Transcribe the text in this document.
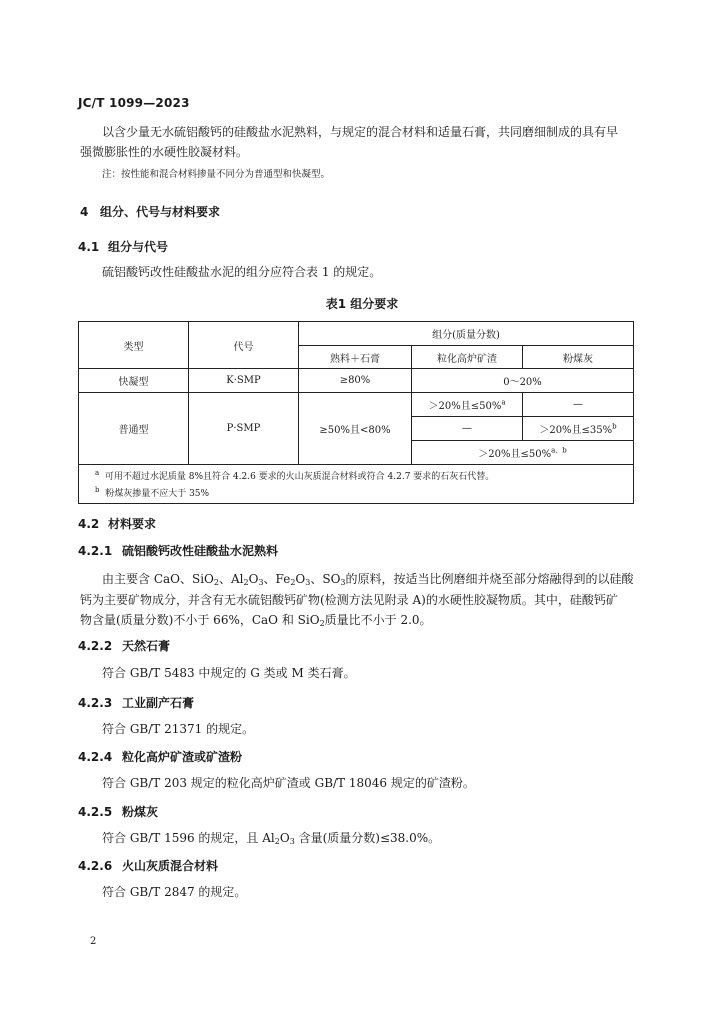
JC/T 1099—2023
以含少量无水硫铝酸钙的硅酸盐水泥熟料，与规定的混合材料和适量石膏，共同磨细制成的具有早
强微膨胀性的水硬性胶凝材料。
注：按性能和混合材料掺量不同分为普通型和快凝型。
4 组分、代号与材料要求
4.1 组分与代号
硫铝酸钙改性硅酸盐水泥的组分应符合表 1 的规定。
表1 组分要求
类型	代号	组分(质量分数)		
		熟料＋石膏	粒化高炉矿渣	粉煤灰
快凝型	K·SMP	≥80%	0～20%	
普通型	P·SMP	≥50%且<80%	＞20%且≤50%$^a$	—
			—	＞20%且≤35%$^b$
			＞20%且≤50%$^{a、b}$

$^a$ 可用不超过水泥质量 8%且符合 4.2.6 要求的火山灰质混合材料或符合 4.2.7 要求的石灰石代替。
$^b$ 粉煤灰掺量不应大于 35%				
4.2 材料要求
4.2.1 硫铝酸钙改性硅酸盐水泥熟料
由主要含 CaO、SiO$_2$、$Al_2O_3$、$Fe_2O_3$、$SO_3$的原料，按适当比例磨细并烧至部分熔融得到的以硅酸
钙为主要矿物成分，并含有无水硫铝酸钙矿物(检测方法见附录 A)的水硬性胶凝物质。其中，硅酸钙矿
物含量(质量分数)不小于 66%，CaO 和 SiO$_2$质量比不小于 2.0。
4.2.2 天然石膏
符合 GB/T 5483 中规定的 G 类或 M 类石膏。
4.2.3 工业副产石膏
符合 GB/T 21371 的规定。
4.2.4 粒化高炉矿渣或矿渣粉
符合 GB/T 203 规定的粒化高炉矿渣或 GB/T 18046 规定的矿渣粉。
4.2.5 粉煤灰
符合 GB/T 1596 的规定，且 $Al_2O_3$ 含量(质量分数)≤38.0%。
4.2.6 火山灰质混合材料
符合 GB/T 2847 的规定。
2
